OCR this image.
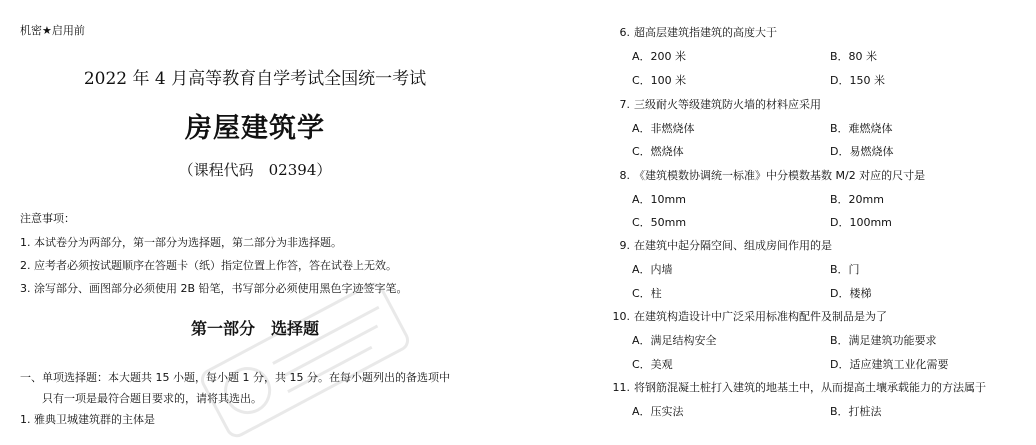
机密★启用前
2022 年 4 月高等教育自学考试全国统一考试
房屋建筑学
（课程代码　02394）
注意事项：
1. 本试卷分为两部分，第一部分为选择题，第二部分为非选择题。
2. 应考者必须按试题顺序在答题卡（纸）指定位置上作答，答在试卷上无效。
3. 涂写部分、画图部分必须使用 2B 铅笔，书写部分必须使用黑色字迹签字笔。
第一部分　选择题
一、单项选择题：本大题共 15 小题，每小题 1 分，共 15 分。在每小题列出的备选项中
只有一项是最符合题目要求的，请将其选出。
1. 雅典卫城建筑群的主体是
6. 超高层建筑指建筑的高度大于
A．200 米	B．80 米
C．100 米	D．150 米
7. 三级耐火等级建筑防火墙的材料应采用
A．非燃烧体	B．难燃烧体
C．燃烧体	D．易燃烧体
8. 《建筑模数协调统一标准》中分模数基数 M/2 对应的尺寸是
A．10mm	B．20mm
C．50mm	D．100mm
9. 在建筑中起分隔空间、组成房间作用的是
A．内墙	B．门
C．柱	D．楼梯
10. 在建筑构造设计中广泛采用标准构配件及制品是为了
A．满足结构安全	B．满足建筑功能要求
C．美观	D．适应建筑工业化需要
11. 将钢筋混凝土桩打入建筑的地基土中，从而提高土壤承载能力的方法属于
A．压实法	B．打桩法
